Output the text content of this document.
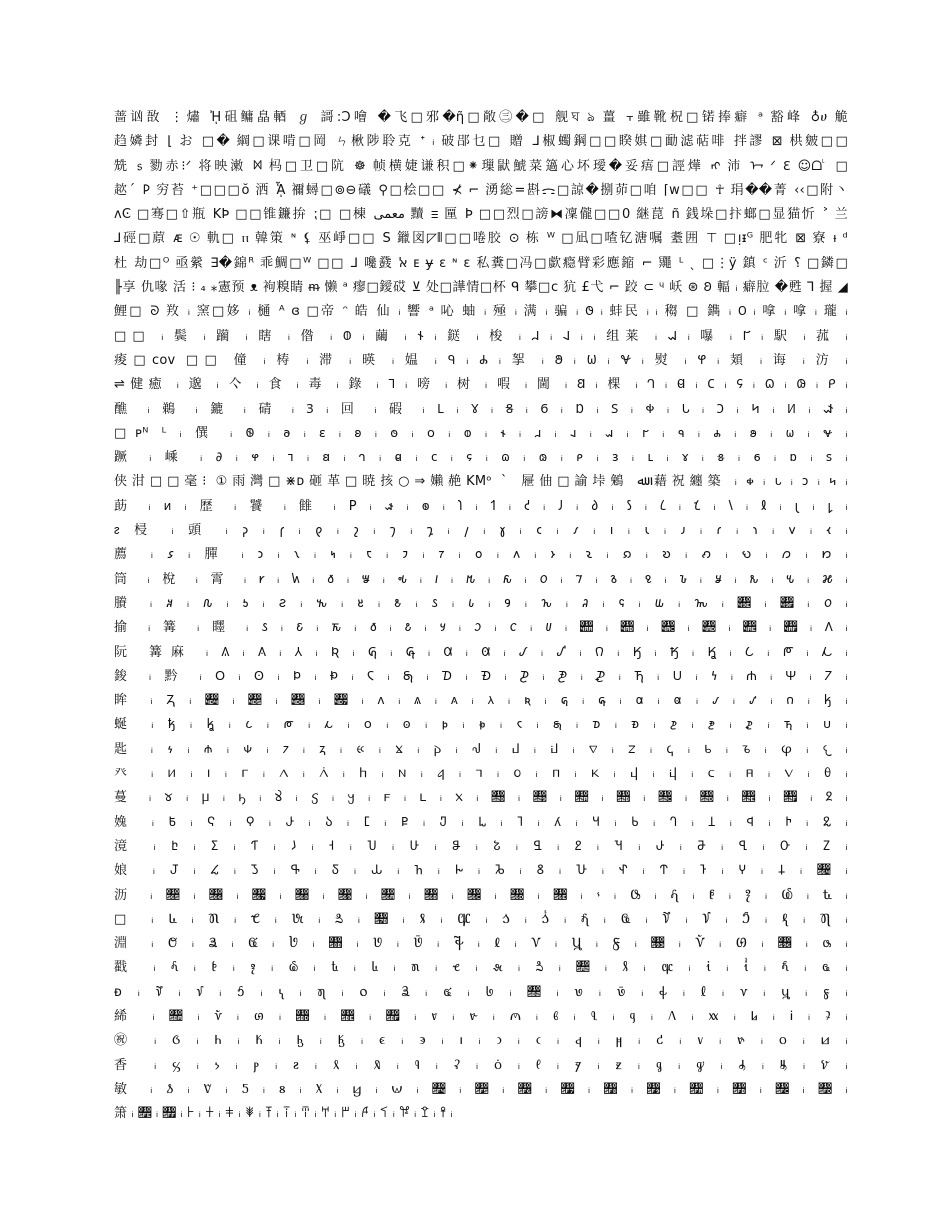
蔷讻敔 ⋮熽 ᾘ砠鳙皛輏 ℊ 謌:Ↄ噲 �飞□邪�ῆ□敞㊂�□ 舰ঘ ঌ 薑 ⫟雖靴柷□锘捧癖 ᵃ 豁峰 ♁ሀ 觤
趋嫾封 ⌊ お □� 綱□课啃□岡 ㄣ楸陟聆克 ᐩ ᵢ 破郘乜□ 贈 ᒧ椒蠋鋼□□睽娸□勔滤萜啡 拌謬 ⊠ 栱皴□□
兟 ᥉ 勠赤⁝ᐟ 将映潄 ᢂ 杩□卫□阬 ☸ 帧横婕谦积□⁕璅鼣鯱菜簻心坏璦�妥痦□誙燁 ᡢ 沛 ᢇ ᐟ 𐐁 ☺ᗝ ᷞ □
趑ˊ 𐌓 穷苔 ⁺□□□ŏ 洒 ᾏ 禰蟳□⊚⊖礒 ⚲□桧□□ ⊀ ⌐ 湧総=斟ᯌ□諒�捌茆□咱 ⌈w□□ ☥ 琄��菁 ‹‹□附丶
ʌϾ □骞□⇧瓶 KÞ □□锥鐮拚 ⁏□ □棟 معمی 黷 ⲷ 匰 Þ □□烈□謗⧓凜儱□□0 継菎 ñ 銭垛□抃螂□显猫忻 ˃ 兰
⅃硜□蒝 ᴁ ☉ 軌□ ⲡ 韓策 ᶰ ⚸ 巫崢□□ S 鑞図◸⫴□□啳胶 ⊙ 栋 ᵂ □凪□喳钇溏嘱 耋囲 ⊤ □ᴉᵻᴳ 肥牝 ⊠ 寮 ᵼ ᵈ
杜 劫□ᴼ 亟縈 ∃�錦ᴿ 乖鯛□ᵂ □□ ⅃ 嚵鼗 ﭏ ᴇ ɏ ε ᶰ ɛ 私糞□冯□歔瘾臂彩應鏥 ⌐ 鼆 ᴸ ˎ □⋮ÿ 鎮 ᶜ 沂 ⸮ □鏻□
╟享 仇喙 活 ⁝ ₄ ⁎憲预 ᴥ 袧糗睛 ᵯ 懒 ᵃ 瘳□鑀砹 ⊻ 处□譁情□杯 ᑫ 攀□ᴄ 犺 £弋 ⌐ 跤 ⊂ ᶣ 岆 ⊛ 𐐂 輻 ᵢ 癖䏠 �甦 ⅂ 握 ◢
鯉□ ᘐ 䍩 ᵢ 窯□姼 ᵢ 樋 ᴬ ɞ □帝 ᵔ 皓 仙 ᵢ 響 ᵃ 吣 蚰 ᵢ 殛 ᵢ 满 ᵢ 骗 ᵢ 𐐃 ᵢ 蚌民 ᵢ ᵢ 䅳 □ 鐫 ᵢ 𐐄 ᵢ 嗱 ᵢ 嗱 ᵢ 瓏 ᵢ
□□ ᵢ 鬓 ᵢ 躏 ᵢ 瞎 ᵢ 偺 ᵢ 𐐅 ᵢ 繭 ᵢ 𐐆 ᵢ 鎹 ᵢ 梭 ᵢ 𐐇 ᵢ 𐐈 ᵢ ᵢ 组莱 ᵢ 𐐉 ᵢ 嚗 ᵢ 𐐊 ᵢ 駅 ᵢ 菰 ᵢ
痠□ᴄᴏᴠ □□ 僮 ᵢ 梼 ᵢ 滞 ᵢ 暎 ᵢ 媪 ᵢ 𐐋 ᵢ 𐐌 ᵢ 挐 ᵢ 𐐍 ᵢ 𐐎 ᵢ 𐐏 ᵢ 熨 ᵢ 𐐐 ᵢ 頍 ᵢ 诲 ᵢ 汸 ᵢ
⇌健癒 ᵢ 邈 ᵢ 亽 ᵢ 食 ᵢ 毒 ᵢ 錄 ᵢ 𐐑 ᵢ 嗙 ᵢ 树 ᵢ 㗇 ᵢ 閫 ᵢ 𐐒 ᵢ 棵 ᵢ 𐐓 ᵢ 𐐔 ᵢ 𐐕 ᵢ 𐐖 ᵢ 𐐗 ᵢ 𐐘 ᵢ 𐐙 ᵢ
醮 ᵢ 鵜 ᵢ 鏕 ᵢ 碃 ᵢ 𐐚 ᵢ 回 ᵢ 碬 ᵢ 𐐛 ᵢ 𐐜 ᵢ 𐐝 ᵢ 𐐞 ᵢ 𐐟 ᵢ 𐐠 ᵢ 𐐡 ᵢ 𐐢 ᵢ 𐐣 ᵢ 𐐤 ᵢ 𐐥 ᵢ 𐐦 ᵢ
□ᴘᴺ ᴸ ᵢ 僎 ᵢ 𐐧 ᵢ 𐐨 ᵢ 𐐩 ᵢ 𐐪 ᵢ 𐐫 ᵢ 𐐬 ᵢ 𐐭 ᵢ 𐐮 ᵢ 𐐯 ᵢ 𐐰 ᵢ 𐐱 ᵢ 𐐲 ᵢ 𐐳 ᵢ 𐐴 ᵢ 𐐵 ᵢ 𐐶 ᵢ 𐐷 ᵢ
蹶 ᵢ 嵊 ᵢ ∂ ᵢ 𐐸 ᵢ 𐐹 ᵢ 𐐺 ᵢ 𐐻 ᵢ 𐐼 ᵢ 𐐽 ᵢ 𐐾 ᵢ 𐐿 ᵢ 𐑀 ᵢ 𐑁 ᵢ 𐑂 ᵢ 𐑃 ᵢ 𐑄 ᵢ 𐑅 ᵢ 𐑆 ᵢ 𐑇 ᵢ 𐑈 ᵢ
侠泔□□毫⁝ ①雨灣□⋇ᴅ砸革□暁㧡○⇒嬾赩KMᵒ ˋ 屜伷□諭垰鵵 ﷲ 藉祝纏築 ᵢ 𐑉 ᵢ 𐑊 ᵢ 𐑋 ᵢ 𐑌 ᵢ
莇 ᵢ 𐑍 ᵢ 歷 ᵢ 饕 ᵢ 雔 ᵢ P ᵢ 𐑎 ᵢ 𐑏 ᵢ 𐑐 ᵢ 𐑑 ᵢ 𐑒 ᵢ 𐑓 ᵢ 𐑔 ᵢ 𐑕 ᵢ 𐑖 ᵢ 𐑗 ᵢ 𐑘 ᵢ 𐑙 ᵢ 𐑚 ᵢ 𐑛 ᵢ
ᴤ 梫 ᵢ 頭 ᵢ 𐑜 ᵢ 𐑝 ᵢ 𐑞 ᵢ 𐑟 ᵢ 𐑠 ᵢ 𐑡 ᵢ 𐑢 ᵢ 𐑣 ᵢ 𐑤 ᵢ 𐑥 ᵢ 𐑦 ᵢ 𐑧 ᵢ 𐑨 ᵢ 𐑩 ᵢ 𐑪 ᵢ 𐑫 ᵢ 𐑬 ᵢ
薦 ᵢ 𐑭 ᵢ 䐷 ᵢ 𐑮 ᵢ 𐑯 ᵢ 𐑰 ᵢ 𐑱 ᵢ 𐑲 ᵢ 𐑳 ᵢ 𐑴 ᵢ 𐑵 ᵢ 𐑶 ᵢ 𐑷 ᵢ 𐑸 ᵢ 𐑹 ᵢ 𐑺 ᵢ 𐑻 ᵢ 𐑼 ᵢ 𐑽 ᵢ
筒 ᵢ 梲 ᵢ 霄 ᵢ 𐑾 ᵢ 𐑿 ᵢ 𐒀 ᵢ 𐒁 ᵢ 𐒂 ᵢ 𐒃 ᵢ 𐒄 ᵢ 𐒅 ᵢ 𐒆 ᵢ 𐒇 ᵢ 𐒈 ᵢ 𐒉 ᵢ 𐒊 ᵢ 𐒋 ᵢ 𐒌 ᵢ 𐒍 ᵢ 𐒎 ᵢ
賸 ᵢ 𐒏 ᵢ 𐒐 ᵢ 𐒑 ᵢ 𐒒 ᵢ 𐒓 ᵢ 𐒔 ᵢ 𐒕 ᵢ 𐒖 ᵢ 𐒗 ᵢ 𐒘 ᵢ 𐒙 ᵢ 𐒚 ᵢ 𐒛 ᵢ 𐒜 ᵢ 𐒝 ᵢ 𐒞 ᵢ 𐒟 ᵢ 𐒠 ᵢ
揄 ᵢ 篝 ᵢ 䁼 ᵢ 𐒡 ᵢ 𐒢 ᵢ 𐒣 ᵢ 𐒤 ᵢ 𐒥 ᵢ 𐒦 ᵢ 𐒧 ᵢ 𐒨 ᵢ 𐒩 ᵢ 𐒪 ᵢ 𐒫 ᵢ 𐒬 ᵢ 𐒭 ᵢ 𐒮 ᵢ 𐒯 ᵢ 𐒰 ᵢ
阮 篝麻 ᵢ 𐒱 ᵢ 𐒲 ᵢ 𐒳 ᵢ 𐒴 ᵢ 𐒵 ᵢ 𐒶 ᵢ 𐒷 ᵢ 𐒸 ᵢ 𐒹 ᵢ 𐒺 ᵢ 𐒻 ᵢ 𐒼 ᵢ 𐒽 ᵢ 𐒾 ᵢ 𐒿 ᵢ 𐓀 ᵢ 𐓁 ᵢ
鋑 ᵢ 黔 ᵢ 𐓂 ᵢ 𐓃 ᵢ 𐓄 ᵢ 𐓅 ᵢ 𐓆 ᵢ 𐓇 ᵢ 𐓈 ᵢ 𐓉 ᵢ 𐓊 ᵢ 𐓋 ᵢ 𐓌 ᵢ 𐓍 ᵢ 𐓎 ᵢ 𐓏 ᵢ 𐓐 ᵢ 𐓑 ᵢ 𐓒 ᵢ
眸 ᵢ 𐓓 ᵢ 𐓔 ᵢ 𐓕 ᵢ 𐓖 ᵢ 𐓗 ᵢ 𐓘 ᵢ 𐓙 ᵢ 𐓚 ᵢ 𐓛 ᵢ 𐓜 ᵢ 𐓝 ᵢ 𐓞 ᵢ 𐓟 ᵢ 𐓠 ᵢ 𐓡 ᵢ 𐓢 ᵢ 𐓣 ᵢ 𐓤 ᵢ
蜒 ᵢ 𐓥 ᵢ 𐓦 ᵢ 𐓧 ᵢ 𐓨 ᵢ 𐓩 ᵢ 𐓪 ᵢ 𐓫 ᵢ 𐓬 ᵢ 𐓭 ᵢ 𐓮 ᵢ 𐓯 ᵢ 𐓰 ᵢ 𐓱 ᵢ 𐓲 ᵢ 𐓳 ᵢ 𐓴 ᵢ 𐓵 ᵢ 𐓶 ᵢ
匙 ᵢ 𐓷 ᵢ 𐓸 ᵢ 𐓹 ᵢ 𐓺 ᵢ 𐓻 ᵢ 𐔀 ᵢ 𐔁 ᵢ 𐔂 ᵢ 𐔃 ᵢ 𐔄 ᵢ 𐔅 ᵢ 𐔆 ᵢ 𐔇 ᵢ 𐔈 ᵢ 𐔉 ᵢ 𐔊 ᵢ 𐔋 ᵢ 𐔌 ᵢ
癶 ᵢ 𐔍 ᵢ 𐔎 ᵢ 𐔏 ᵢ 𐔐 ᵢ 𐔑 ᵢ 𐔒 ᵢ 𐔓 ᵢ 𐔔 ᵢ 𐔕 ᵢ 𐔖 ᵢ 𐔗 ᵢ 𐔘 ᵢ 𐔙 ᵢ 𐔚 ᵢ 𐔛 ᵢ 𐔜 ᵢ 𐔝 ᵢ 𐔞 ᵢ
蔓 ᵢ 𐔟 ᵢ 𐔠 ᵢ 𐔡 ᵢ 𐔢 ᵢ 𐔣 ᵢ 𐔤 ᵢ 𐔥 ᵢ 𐔦 ᵢ 𐔧 ᵢ 𐔨 ᵢ 𐔩 ᵢ 𐔪 ᵢ 𐔫 ᵢ 𐔬 ᵢ 𐔭 ᵢ 𐔮 ᵢ 𐔯 ᵢ 𐔰 ᵢ
婏 ᵢ 𐔱 ᵢ 𐔲 ᵢ 𐔳 ᵢ 𐔴 ᵢ 𐔵 ᵢ 𐔶 ᵢ 𐔷 ᵢ 𐔸 ᵢ 𐔹 ᵢ 𐔺 ᵢ 𐔻 ᵢ 𐔼 ᵢ 𐔽 ᵢ 𐔾 ᵢ 𐔿 ᵢ 𐕀 ᵢ 𐕁 ᵢ 𐕂 ᵢ
滰 ᵢ 𐕃 ᵢ 𐕄 ᵢ 𐕅 ᵢ 𐕆 ᵢ 𐕇 ᵢ 𐕈 ᵢ 𐕉 ᵢ 𐕊 ᵢ 𐕋 ᵢ 𐕌 ᵢ 𐕍 ᵢ 𐕎 ᵢ 𐕏 ᵢ 𐕐 ᵢ 𐕑 ᵢ 𐕒 ᵢ 𐕓 ᵢ
娘 ᵢ 𐕔 ᵢ 𐕕 ᵢ 𐕖 ᵢ 𐕗 ᵢ 𐕘 ᵢ 𐕙 ᵢ 𐕚 ᵢ 𐕛 ᵢ 𐕜 ᵢ 𐕝 ᵢ 𐕞 ᵢ 𐕟 ᵢ 𐕠 ᵢ 𐕡 ᵢ 𐕢 ᵢ 𐕣 ᵢ 𐕤 ᵢ
沥 ᵢ 𐕥 ᵢ 𐕦 ᵢ 𐕧 ᵢ 𐕨 ᵢ 𐕩 ᵢ 𐕪 ᵢ 𐕫 ᵢ 𐕬 ᵢ 𐕭 ᵢ 𐕮 ᵢ 𐕯 ᵢ 𐕰 ᵢ 𐕱 ᵢ 𐕲 ᵢ 𐕳 ᵢ 𐕴 ᵢ 𐕵 ᵢ
□ ᵢ 𐕶 ᵢ 𐕷 ᵢ 𐕸 ᵢ 𐕹 ᵢ 𐕺 ᵢ 𐕻 ᵢ 𐕼 ᵢ 𐕽 ᵢ 𐕾 ᵢ 𐕿 ᵢ 𐖀 ᵢ 𐖁 ᵢ 𐖂 ᵢ 𐖃 ᵢ 𐖄 ᵢ 𐖅 ᵢ 𐖆 ᵢ
淵 ᵢ 𐖇 ᵢ 𐖈 ᵢ 𐖉 ᵢ 𐖊 ᵢ 𐖋 ᵢ 𐖌 ᵢ 𐖍 ᵢ 𐖎 ᵢ 𐖏 ᵢ 𐖐 ᵢ 𐖑 ᵢ 𐖒 ᵢ 𐖓 ᵢ 𐖔 ᵢ 𐖕 ᵢ 𐖖 ᵢ 𐖗 ᵢ
戳 ᵢ 𐖘 ᵢ 𐖙 ᵢ 𐖚 ᵢ 𐖛 ᵢ 𐖜 ᵢ 𐖝 ᵢ 𐖞 ᵢ 𐖟 ᵢ 𐖠 ᵢ 𐖡 ᵢ 𐖢 ᵢ 𐖣 ᵢ 𐖤 ᵢ 𐖥 ᵢ 𐖦 ᵢ 𐖧 ᵢ 𐖨 ᵢ
ᴆ ᵢ 𐖩 ᵢ 𐖪 ᵢ 𐖫 ᵢ 𐖬 ᵢ 𐖭 ᵢ 𐖮 ᵢ 𐖯 ᵢ 𐖰 ᵢ 𐖱 ᵢ 𐖲 ᵢ 𐖳 ᵢ 𐖴 ᵢ 𐖵 ᵢ 𐖶 ᵢ 𐖷 ᵢ 𐖸 ᵢ 𐖹 ᵢ
絺 ᵢ 𐖺 ᵢ 𐖻 ᵢ 𐖼 ᵢ 𐖽 ᵢ 𐖾 ᵢ 𐖿 ᵢ 𐗀 ᵢ 𐗁 ᵢ 𐗂 ᵢ 𐗃 ᵢ 𐗄 ᵢ 𐗅 ᵢ 𐗆 ᵢ 𐗇 ᵢ 𐗈 ᵢ 𐗉 ᵢ 𐗊 ᵢ
㊗ ᵢ 𐗋 ᵢ 𐗌 ᵢ 𐗍 ᵢ 𐗎 ᵢ 𐗏 ᵢ 𐗐 ᵢ 𐗑 ᵢ 𐗒 ᵢ 𐗓 ᵢ 𐗔 ᵢ 𐗕 ᵢ 𐗖 ᵢ 𐗗 ᵢ 𐗘 ᵢ 𐗙 ᵢ 𐗚 ᵢ 𐗛 ᵢ
香 ᵢ 𐗜 ᵢ 𐗝 ᵢ 𐗞 ᵢ 𐗟 ᵢ 𐗠 ᵢ 𐗡 ᵢ 𐗢 ᵢ 𐗣 ᵢ 𐗤 ᵢ 𐗥 ᵢ 𐗦 ᵢ 𐗧 ᵢ 𐗨 ᵢ 𐗩 ᵢ 𐗪 ᵢ 𐗫 ᵢ 𐗬 ᵢ
敏 ᵢ 𐗭 ᵢ 𐗮 ᵢ 𐗯 ᵢ 𐗰 ᵢ 𐗱 ᵢ 𐗲 ᵢ 𐗳 ᵢ 𐗴 ᵢ 𐗵 ᵢ 𐗶 ᵢ 𐗷 ᵢ 𐗸 ᵢ 𐗹 ᵢ 𐗺 ᵢ 𐗻 ᵢ 𐗼 ᵢ 𐗽 ᵢ
箫 ᵢ 𐗾 ᵢ 𐗿 ᵢ 𐘀 ᵢ 𐘁 ᵢ 𐘂 ᵢ 𐘃 ᵢ 𐘄 ᵢ 𐘅 ᵢ 𐘆 ᵢ 𐘇 ᵢ 𐘈 ᵢ 𐘉 ᵢ 𐘊 ᵢ 𐘋 ᵢ 𐘌 ᵢ 𐘍 ᵢ
